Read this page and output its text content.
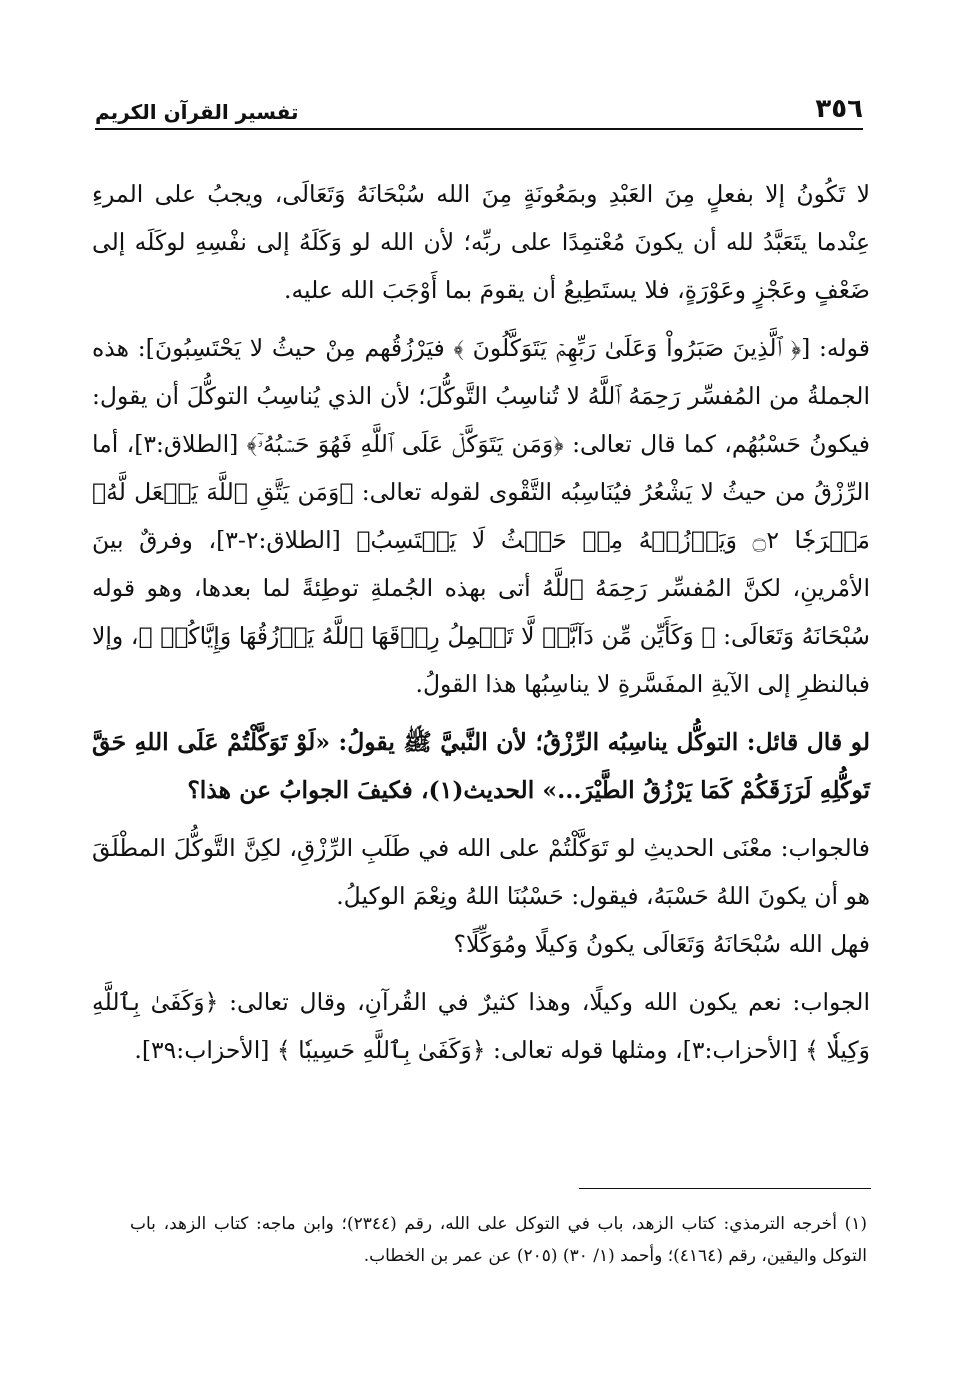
٣٥٦
تفسير القرآن الكريم

لا تَكُونُ إلا بفعلٍ مِنَ العَبْدِ وبمَعُونَةٍ مِنَ الله سُبْحَانَهُ وَتَعَالَى، ويجبُ على المرءِ عِنْدما يتَعَبَّدُ لله أن يكونَ مُعْتمِدًا على ربِّه؛ لأن الله لو وَكَلَهُ إلى نفْسِهِ لوكَلَه إلى ضَعْفٍ وعَجْزٍ وعَوْرَةٍ، فلا يستَطِيعُ أن يقومَ بما أَوْجَبَ الله عليه.

قوله: [﴿ ٱلَّذِينَ صَبَرُواْ وَعَلَىٰ رَبِّهِمۡ يَتَوَكَّلُونَ ﴾ فيَرْزُقُهم مِنْ حيثُ لا يَحْتَسِبُونَ]: هذه الجملةُ من المُفسِّر رَحِمَهُ ٱللَّهُ لا تُناسِبُ التَّوكُّلَ؛ لأن الذي يُناسِبُ التوكُّلَ أن يقول: فيكونُ حَسْبُهُم، كما قال تعالى: ﴿وَمَن يَتَوَكَّلۡ عَلَى ٱللَّهِ فَهُوَ حَسۡبُهُۥٓ﴾ [الطلاق:٣]، أما الرِّزْقُ من حيثُ لا يَشْعُرُ فيُنَاسِبُه التَّقْوى لقوله تعالى: ﴿وَمَن يَتَّقِ ٱللَّهَ يَجۡعَل لَّهُۥ مَخۡرَجٗا ۝٢ وَيَرۡزُقۡهُ مِنۡ حَيۡثُ لَا يَحۡتَسِبُ﴾ [الطلاق:٢-٣]، وفرقٌ بينَ الأمْرينِ، لكنَّ المُفسِّر رَحِمَهُ ٱللَّهُ أتى بهذه الجُملةِ توطِئةً لما بعدها، وهو قوله سُبْحَانَهُ وَتَعَالَى: ﴿ وَكَأَيِّن مِّن دَآبَّةٖ لَّا تَحۡمِلُ رِزۡقَهَا ٱللَّهُ يَرۡزُقُهَا وَإِيَّاكُمۡ ﴾، وإلا فبالنظرِ إلى الآيةِ المفَسَّرةِ لا يناسِبُها هذا القولُ.

لو قال قائل: التوكُّل يناسِبُه الرِّزْقُ؛ لأن النَّبيَّ ﷺ يقولُ: «لَوْ تَوَكَّلْتُمْ عَلَى اللهِ حَقَّ تَوكُّلِهِ لَرَزَقَكُمْ كَمَا يَرْزُقُ الطَّيْرَ...» الحديث(١)، فكيفَ الجوابُ عن هذا؟

فالجواب: معْنَى الحديثِ لو تَوَكَّلْتُمْ على الله في طَلَبِ الرِّزْقِ، لكِنَّ التَّوكُّلَ المطْلَقَ هو أن يكونَ اللهُ حَسْبَهُ، فيقول: حَسْبُنَا اللهُ ونِعْمَ الوكيلُ.

فهل الله سُبْحَانَهُ وَتَعَالَى يكونُ وَكيلًا ومُوَكِّلًا؟

الجواب: نعم يكون الله وكيلًا، وهذا كثيرٌ في القُرآنِ، وقال تعالى: ﴿وَكَفَىٰ بِٱللَّهِ وَكِيلٗا ﴾ [الأحزاب:٣]، ومثلها قوله تعالى: ﴿وَكَفَىٰ بِٱللَّهِ حَسِيبٗا ﴾ [الأحزاب:٣٩].

(١) أخرجه الترمذي: كتاب الزهد، باب في التوكل على الله، رقم (٢٣٤٤)؛ وابن ماجه: كتاب الزهد، باب التوكل واليقين، رقم (٤١٦٤)؛ وأحمد (١/ ٣٠) (٢٠٥) عن عمر بن الخطاب.
